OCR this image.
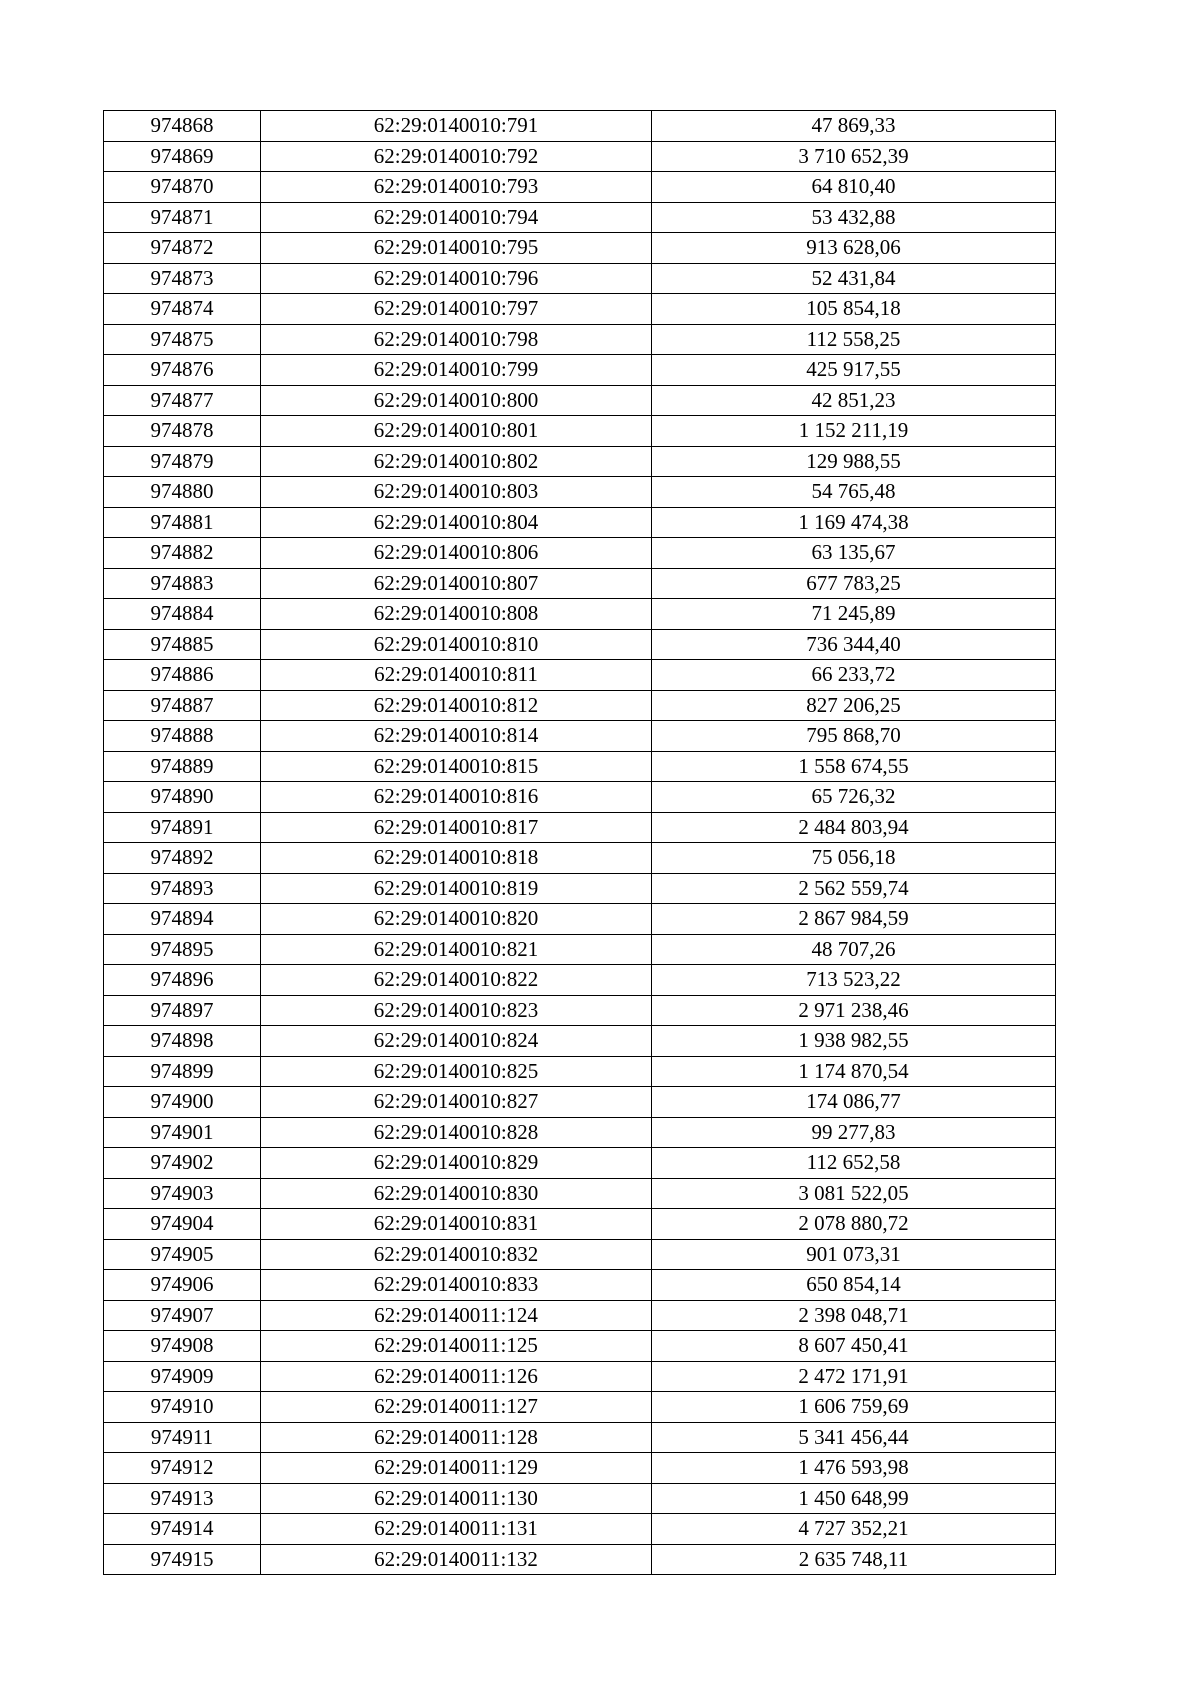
974868	62:29:0140010:791	47 869,33
974869	62:29:0140010:792	3 710 652,39
974870	62:29:0140010:793	64 810,40
974871	62:29:0140010:794	53 432,88
974872	62:29:0140010:795	913 628,06
974873	62:29:0140010:796	52 431,84
974874	62:29:0140010:797	105 854,18
974875	62:29:0140010:798	112 558,25
974876	62:29:0140010:799	425 917,55
974877	62:29:0140010:800	42 851,23
974878	62:29:0140010:801	1 152 211,19
974879	62:29:0140010:802	129 988,55
974880	62:29:0140010:803	54 765,48
974881	62:29:0140010:804	1 169 474,38
974882	62:29:0140010:806	63 135,67
974883	62:29:0140010:807	677 783,25
974884	62:29:0140010:808	71 245,89
974885	62:29:0140010:810	736 344,40
974886	62:29:0140010:811	66 233,72
974887	62:29:0140010:812	827 206,25
974888	62:29:0140010:814	795 868,70
974889	62:29:0140010:815	1 558 674,55
974890	62:29:0140010:816	65 726,32
974891	62:29:0140010:817	2 484 803,94
974892	62:29:0140010:818	75 056,18
974893	62:29:0140010:819	2 562 559,74
974894	62:29:0140010:820	2 867 984,59
974895	62:29:0140010:821	48 707,26
974896	62:29:0140010:822	713 523,22
974897	62:29:0140010:823	2 971 238,46
974898	62:29:0140010:824	1 938 982,55
974899	62:29:0140010:825	1 174 870,54
974900	62:29:0140010:827	174 086,77
974901	62:29:0140010:828	99 277,83
974902	62:29:0140010:829	112 652,58
974903	62:29:0140010:830	3 081 522,05
974904	62:29:0140010:831	2 078 880,72
974905	62:29:0140010:832	901 073,31
974906	62:29:0140010:833	650 854,14
974907	62:29:0140011:124	2 398 048,71
974908	62:29:0140011:125	8 607 450,41
974909	62:29:0140011:126	2 472 171,91
974910	62:29:0140011:127	1 606 759,69
974911	62:29:0140011:128	5 341 456,44
974912	62:29:0140011:129	1 476 593,98
974913	62:29:0140011:130	1 450 648,99
974914	62:29:0140011:131	4 727 352,21
974915	62:29:0140011:132	2 635 748,11
